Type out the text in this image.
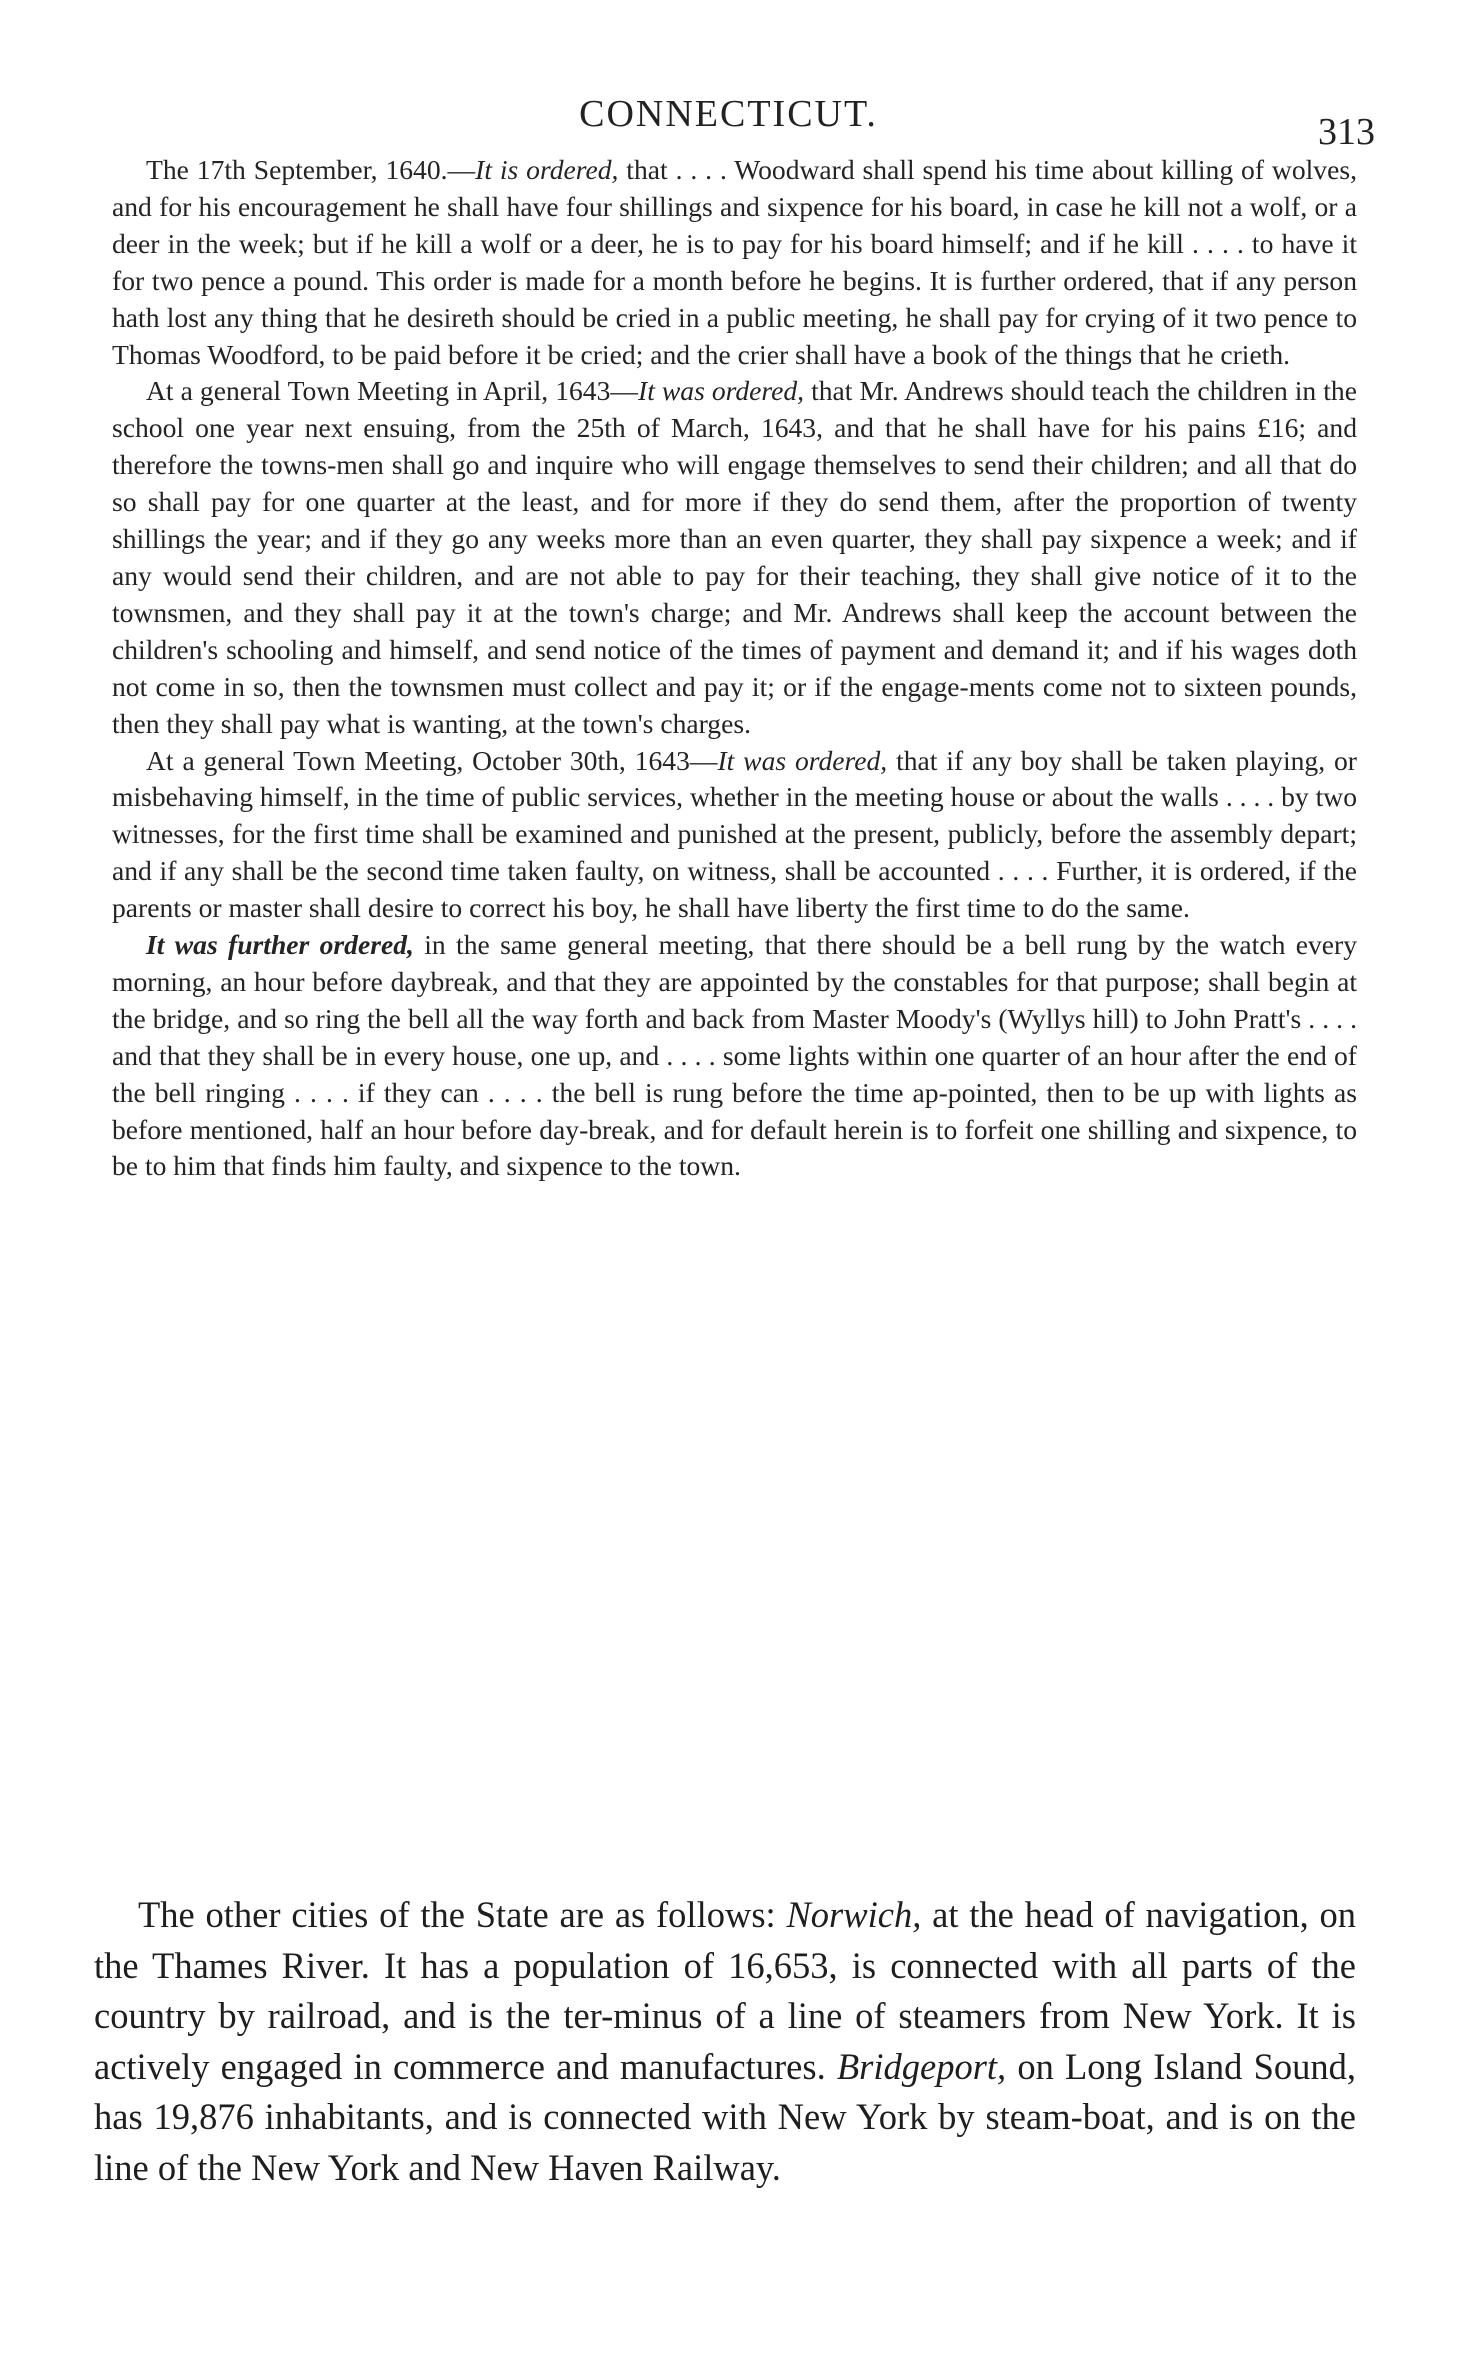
CONNECTICUT.	313

The 17th September, 1640.—It is ordered, that . . . . Woodward shall spend his time about killing of wolves, and for his encouragement he shall have four shillings and sixpence for his board, in case he kill not a wolf, or a deer in the week; but if he kill a wolf or a deer, he is to pay for his board himself; and if he kill . . . . to have it for two pence a pound. This order is made for a month before he begins. It is further ordered, that if any person hath lost any thing that he desireth should be cried in a public meeting, he shall pay for crying of it two pence to Thomas Woodford, to be paid before it be cried; and the crier shall have a book of the things that he crieth.

At a general Town Meeting in April, 1643—It was ordered, that Mr. Andrews should teach the children in the school one year next ensuing, from the 25th of March, 1643, and that he shall have for his pains £16; and therefore the towns-men shall go and inquire who will engage themselves to send their children; and all that do so shall pay for one quarter at the least, and for more if they do send them, after the proportion of twenty shillings the year; and if they go any weeks more than an even quarter, they shall pay sixpence a week; and if any would send their children, and are not able to pay for their teaching, they shall give notice of it to the townsmen, and they shall pay it at the town's charge; and Mr. Andrews shall keep the account between the children's schooling and himself, and send notice of the times of payment and demand it; and if his wages doth not come in so, then the townsmen must collect and pay it; or if the engage-ments come not to sixteen pounds, then they shall pay what is wanting, at the town's charges.

At a general Town Meeting, October 30th, 1643—It was ordered, that if any boy shall be taken playing, or misbehaving himself, in the time of public services, whether in the meeting house or about the walls . . . . by two witnesses, for the first time shall be examined and punished at the present, publicly, before the assembly depart; and if any shall be the second time taken faulty, on witness, shall be accounted . . . . Further, it is ordered, if the parents or master shall desire to correct his boy, he shall have liberty the first time to do the same.

It was further ordered, in the same general meeting, that there should be a bell rung by the watch every morning, an hour before daybreak, and that they are appointed by the constables for that purpose; shall begin at the bridge, and so ring the bell all the way forth and back from Master Moody's (Wyllys hill) to John Pratt's . . . . and that they shall be in every house, one up, and . . . . some lights within one quarter of an hour after the end of the bell ringing . . . . if they can . . . . the bell is rung before the time ap-pointed, then to be up with lights as before mentioned, half an hour before day-break, and for default herein is to forfeit one shilling and sixpence, to be to him that finds him faulty, and sixpence to the town.

The other cities of the State are as follows: Norwich, at the head of navigation, on the Thames River. It has a population of 16,653, is connected with all parts of the country by railroad, and is the ter-minus of a line of steamers from New York. It is actively engaged in commerce and manufactures. Bridgeport, on Long Island Sound, has 19,876 inhabitants, and is connected with New York by steam-boat, and is on the line of the New York and New Haven Railway.
